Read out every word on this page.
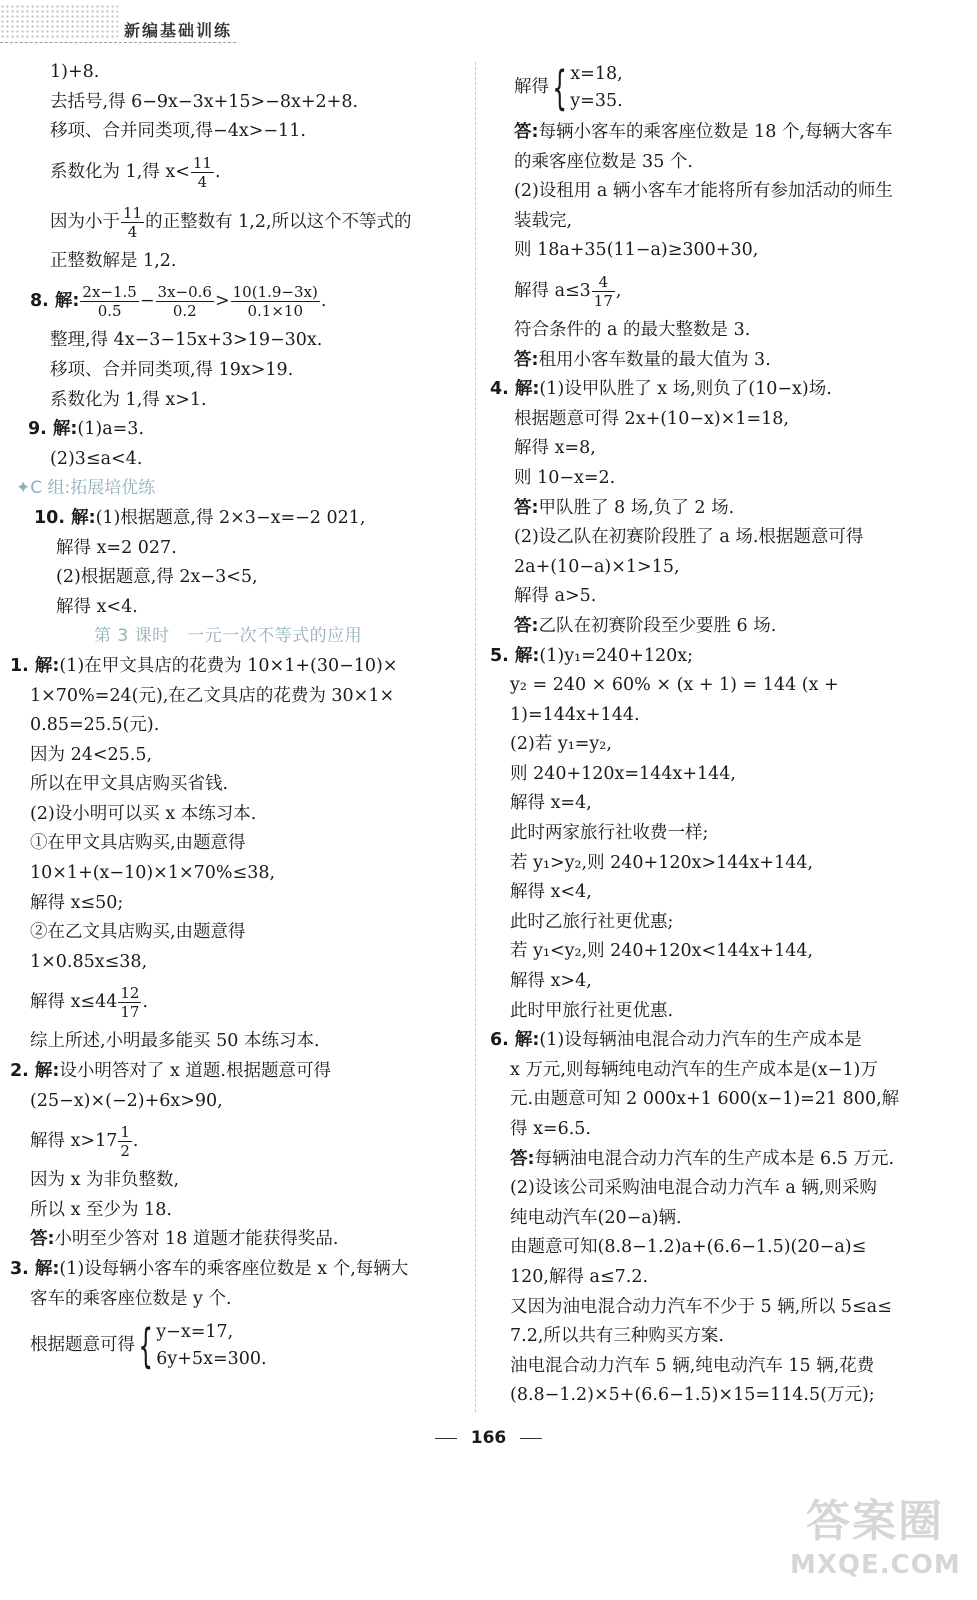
新编基础训练
1)+8.
去括号,得 6−9x−3x+15>−8x+2+8.
移项、合并同类项,得−4x>−11.
系数化为 1,得 $x< \frac{11}{4}$ .
因为小于 $\frac{11}{4}$ 的正整数有 1,2,所以这个不等式的
正整数解是 1,2.
8. 解: $\frac{2x-1.5}{0.5} - \frac{3x-0.6}{0.2} > \frac{10(1.9-3x)}{0.1\times 10}$ .
整理,得 4x−3−15x+3>19−30x.
移项、合并同类项,得 19x>19.
系数化为 1,得 x>1.
9. 解:(1)a=3.
(2)3≤a<4.
✦C 组:拓展培优练
10. 解:(1)根据题意,得 2×3−x=−2 021,
解得 x=2 027.
(2)根据题意,得 2x−3<5,
解得 x<4.
第 3 课时　一元一次不等式的应用
1. 解:(1)在甲文具店的花费为 10×1+(30−10)×
1×70%=24(元),在乙文具店的花费为 30×1×
0.85=25.5(元).
因为 24<25.5,
所以在甲文具店购买省钱.
(2)设小明可以买 x 本练习本.
①在甲文具店购买,由题意得
10×1+(x−10)×1×70%≤38,
解得 x≤50;
②在乙文具店购买,由题意得
1×0.85x≤38,
解得 $x\le 44 \frac{12}{17}$ .
综上所述,小明最多能买 50 本练习本.
2. 解:设小明答对了 x 道题.根据题意可得
(25−x)×(−2)+6x>90,
解得 $x>17 \frac{1}{2}$ .
因为 x 为非负整数,
所以 x 至少为 18.
答:小明至少答对 18 道题才能获得奖品.
3. 解:(1)设每辆小客车的乘客座位数是 x 个,每辆大
客车的乘客座位数是 y 个.
根据题意可得{ y−x=17,
6y+5x=300.
解得{ x=18,
y=35.
答:每辆小客车的乘客座位数是 18 个,每辆大客车
的乘客座位数是 35 个.
(2)设租用 a 辆小客车才能将所有参加活动的师生
装载完,
则 18a+35(11−a)≥300+30,
解得 $a\le 3 \frac{4}{17}$ ,
符合条件的 a 的最大整数是 3.
答:租用小客车数量的最大值为 3.
4. 解:(1)设甲队胜了 x 场,则负了(10−x)场.
根据题意可得 2x+(10−x)×1=18,
解得 x=8,
则 10−x=2.
答:甲队胜了 8 场,负了 2 场.
(2)设乙队在初赛阶段胜了 a 场.根据题意可得
2a+(10−a)×1>15,
解得 a>5.
答:乙队在初赛阶段至少要胜 6 场.
5. 解:(1)y₁=240+120x;
y₂ = 240 × 60% × (x + 1) = 144 (x +
1)=144x+144.
(2)若 y₁=y₂,
则 240+120x=144x+144,
解得 x=4,
此时两家旅行社收费一样;
若 y₁>y₂,则 240+120x>144x+144,
解得 x<4,
此时乙旅行社更优惠;
若 y₁<y₂,则 240+120x<144x+144,
解得 x>4,
此时甲旅行社更优惠.
6. 解:(1)设每辆油电混合动力汽车的生产成本是
x 万元,则每辆纯电动汽车的生产成本是(x−1)万
元.由题意可知 2 000x+1 600(x−1)=21 800,解
得 x=6.5.
答:每辆油电混合动力汽车的生产成本是 6.5 万元.
(2)设该公司采购油电混合动力汽车 a 辆,则采购
纯电动汽车(20−a)辆.
由题意可知(8.8−1.2)a+(6.6−1.5)(20−a)≤
120,解得 a≤7.2.
又因为油电混合动力汽车不少于 5 辆,所以 5≤a≤
7.2,所以共有三种购买方案.
油电混合动力汽车 5 辆,纯电动汽车 15 辆,花费
(8.8−1.2)×5+(6.6−1.5)×15=114.5(万元);
166
答案圈
MXQE.COM
